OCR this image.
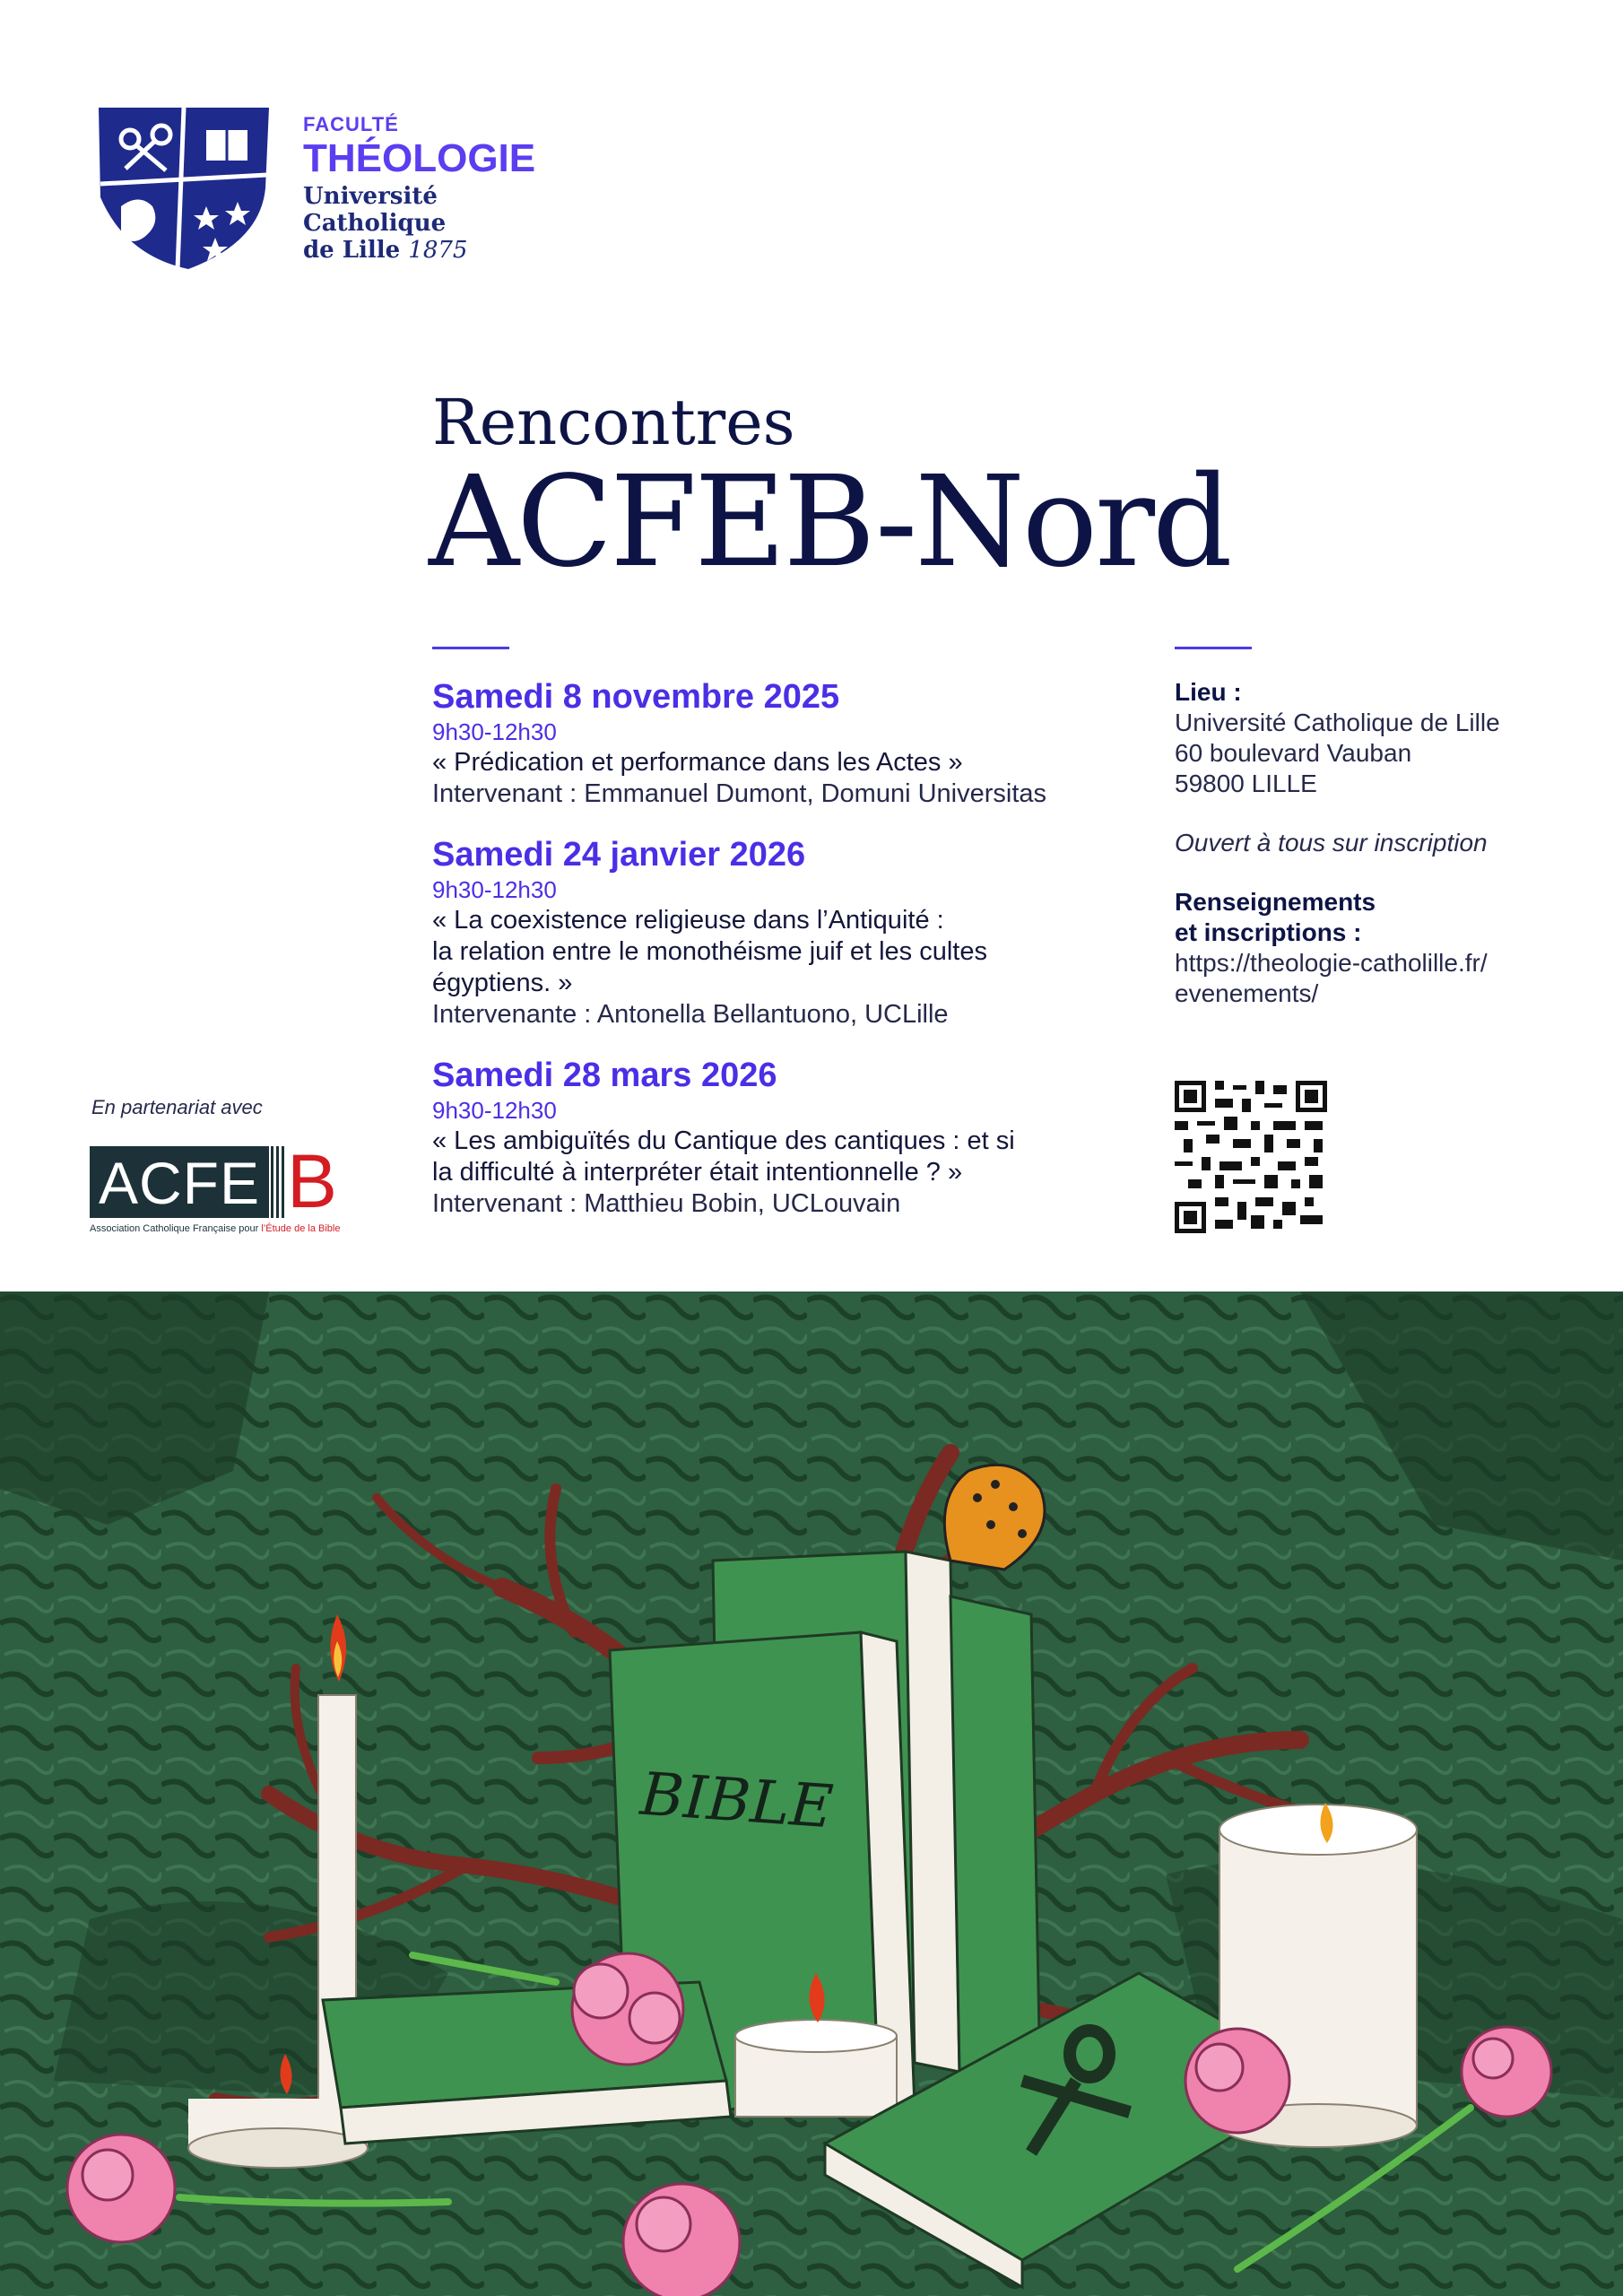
FACULTÉ
THÉOLOGIE
Université Catholique
de Lille 1875
Rencontres
ACFEB-Nord
Samedi 8 novembre 2025
9h30-12h30
« Prédication et performance dans les Actes »
Intervenant : Emmanuel Dumont, Domuni Universitas
Samedi 24 janvier 2026
9h30-12h30
« La coexistence religieuse dans l’Antiquité :
la relation entre le monothéisme juif et les cultes
égyptiens. »
Intervenante : Antonella Bellantuono, UCLille
Samedi 28 mars 2026
9h30-12h30
« Les ambiguïtés du Cantique des cantiques : et si
la difficulté à interpréter était intentionnelle ? »
Intervenant : Matthieu Bobin, UCLouvain

Lieu :
Université Catholique de Lille
60 boulevard Vauban
59800 LILLE

Ouvert à tous sur inscription

Renseignements
et inscriptions :
https://theologie-catholille.fr/
evenements/

En partenariat avec
ACFE B
Association Catholique Française pour l’Étude de la Bible
BIBLE
